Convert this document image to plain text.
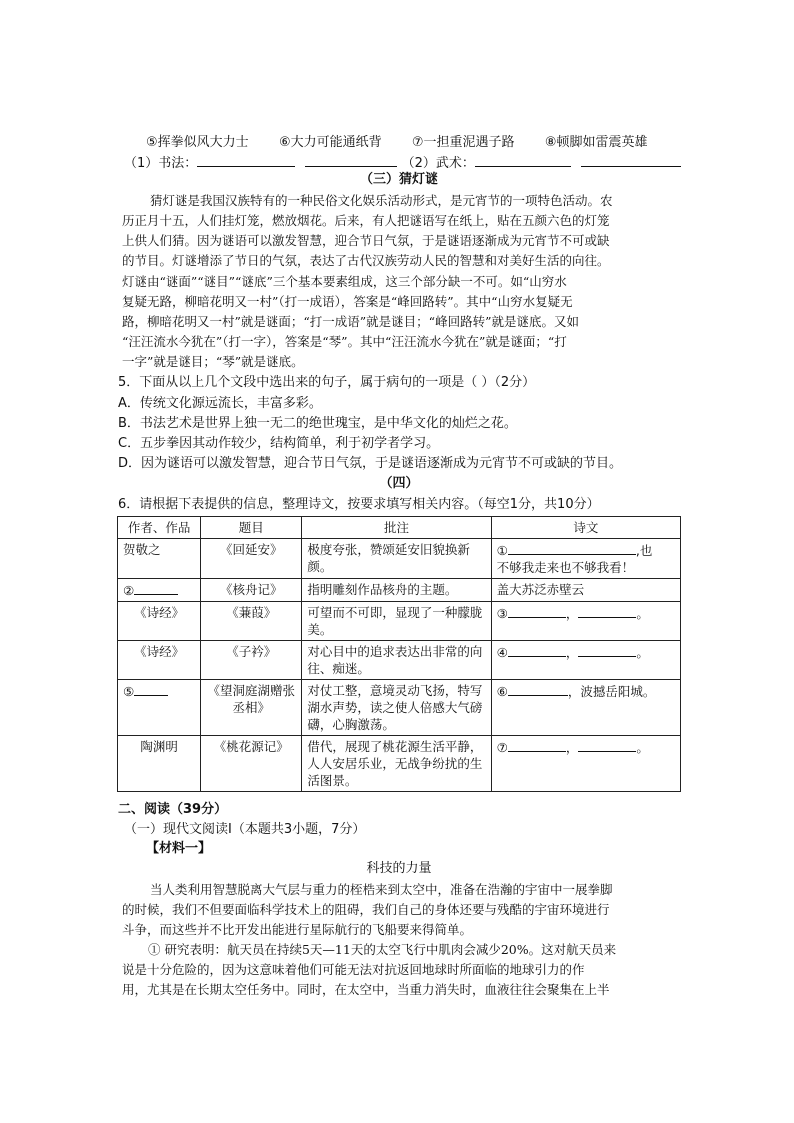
⑤挥拳似风大力士 ⑥大力可能通纸背 ⑦一担重泥遇子路 ⑧顿脚如雷震英雄
（1）书法：	（2）武术：
（三）猜灯谜
猜灯谜是我国汉族特有的一种民俗文化娱乐活动形式，是元宵节的一项特色活动。农
历正月十五，人们挂灯笼，燃放烟花。后来，有人把谜语写在纸上，贴在五颜六色的灯笼
上供人们猜。因为谜语可以激发智慧，迎合节日气氛，于是谜语逐渐成为元宵节不可或缺
的节目。灯谜增添了节日的气氛，表达了古代汉族劳动人民的智慧和对美好生活的向往。
灯谜由“谜面”“谜目”“谜底”三个基本要素组成，这三个部分缺一不可。如“山穷水
复疑无路，柳暗花明又一村”（打一成语），答案是“峰回路转”。其中“山穷水复疑无
路，柳暗花明又一村”就是谜面；“打一成语”就是谜目；“峰回路转”就是谜底。又如
“汪汪流水今犹在”（打一字），答案是“琴”。其中“汪汪流水今犹在”就是谜面；“打
一字”就是谜目；“琴”就是谜底。
5．下面从以上几个文段中选出来的句子，属于病句的一项是（ ）（2分）
A．传统文化源远流长，丰富多彩。
B．书法艺术是世界上独一无二的绝世瑰宝，是中华文化的灿烂之花。
C．五步拳因其动作较少，结构简单，利于初学者学习。
D．因为谜语可以激发智慧，迎合节日气氛，于是谜语逐渐成为元宵节不可或缺的节目。
（四）
6．请根据下表提供的信息，整理诗文，按要求填写相关内容。（每空1分，共10分）
作者、作品	题目	批注	诗文
贺敬之	《回延安》	极度夸张，赞颂延安旧貌换新颜。	① ,也
不够我走来也不够我看！
②	《核舟记》	指明雕刻作品核舟的主题。	盖大苏泛赤壁云
《诗经》	《蒹葭》	可望而不可即，显现了一种朦胧美。	③ ， 。
《诗经》	《子衿》	对心目中的追求表达出非常的向往、痴迷。	④ ， 。
⑤	《望洞庭湖赠张丞相》	对仗工整，意境灵动飞扬，特写湖水声势，读之使人倍感大气磅礴，心胸激荡。	⑥ ，波撼岳阳城。
陶渊明	《桃花源记》	借代，展现了桃花源生活平静，人人安居乐业，无战争纷扰的生活图景。	⑦ ， 。
二、阅读（39分）
（一）现代文阅读Ⅰ（本题共3小题，7分）
【材料一】
科技的力量
当人类利用智慧脱离大气层与重力的桎梏来到太空中，准备在浩瀚的宇宙中一展拳脚
的时候，我们不但要面临科学技术上的阻碍，我们自己的身体还要与残酷的宇宙环境进行
斗争，而这些并不比开发出能进行星际航行的飞船要来得简单。
① 研究表明：航天员在持续5天—11天的太空飞行中肌肉会减少20%。这对航天员来
说是十分危险的，因为这意味着他们可能无法对抗返回地球时所面临的地球引力的作
用，尤其是在长期太空任务中。同时，在太空中，当重力消失时，血液往往会聚集在上半
